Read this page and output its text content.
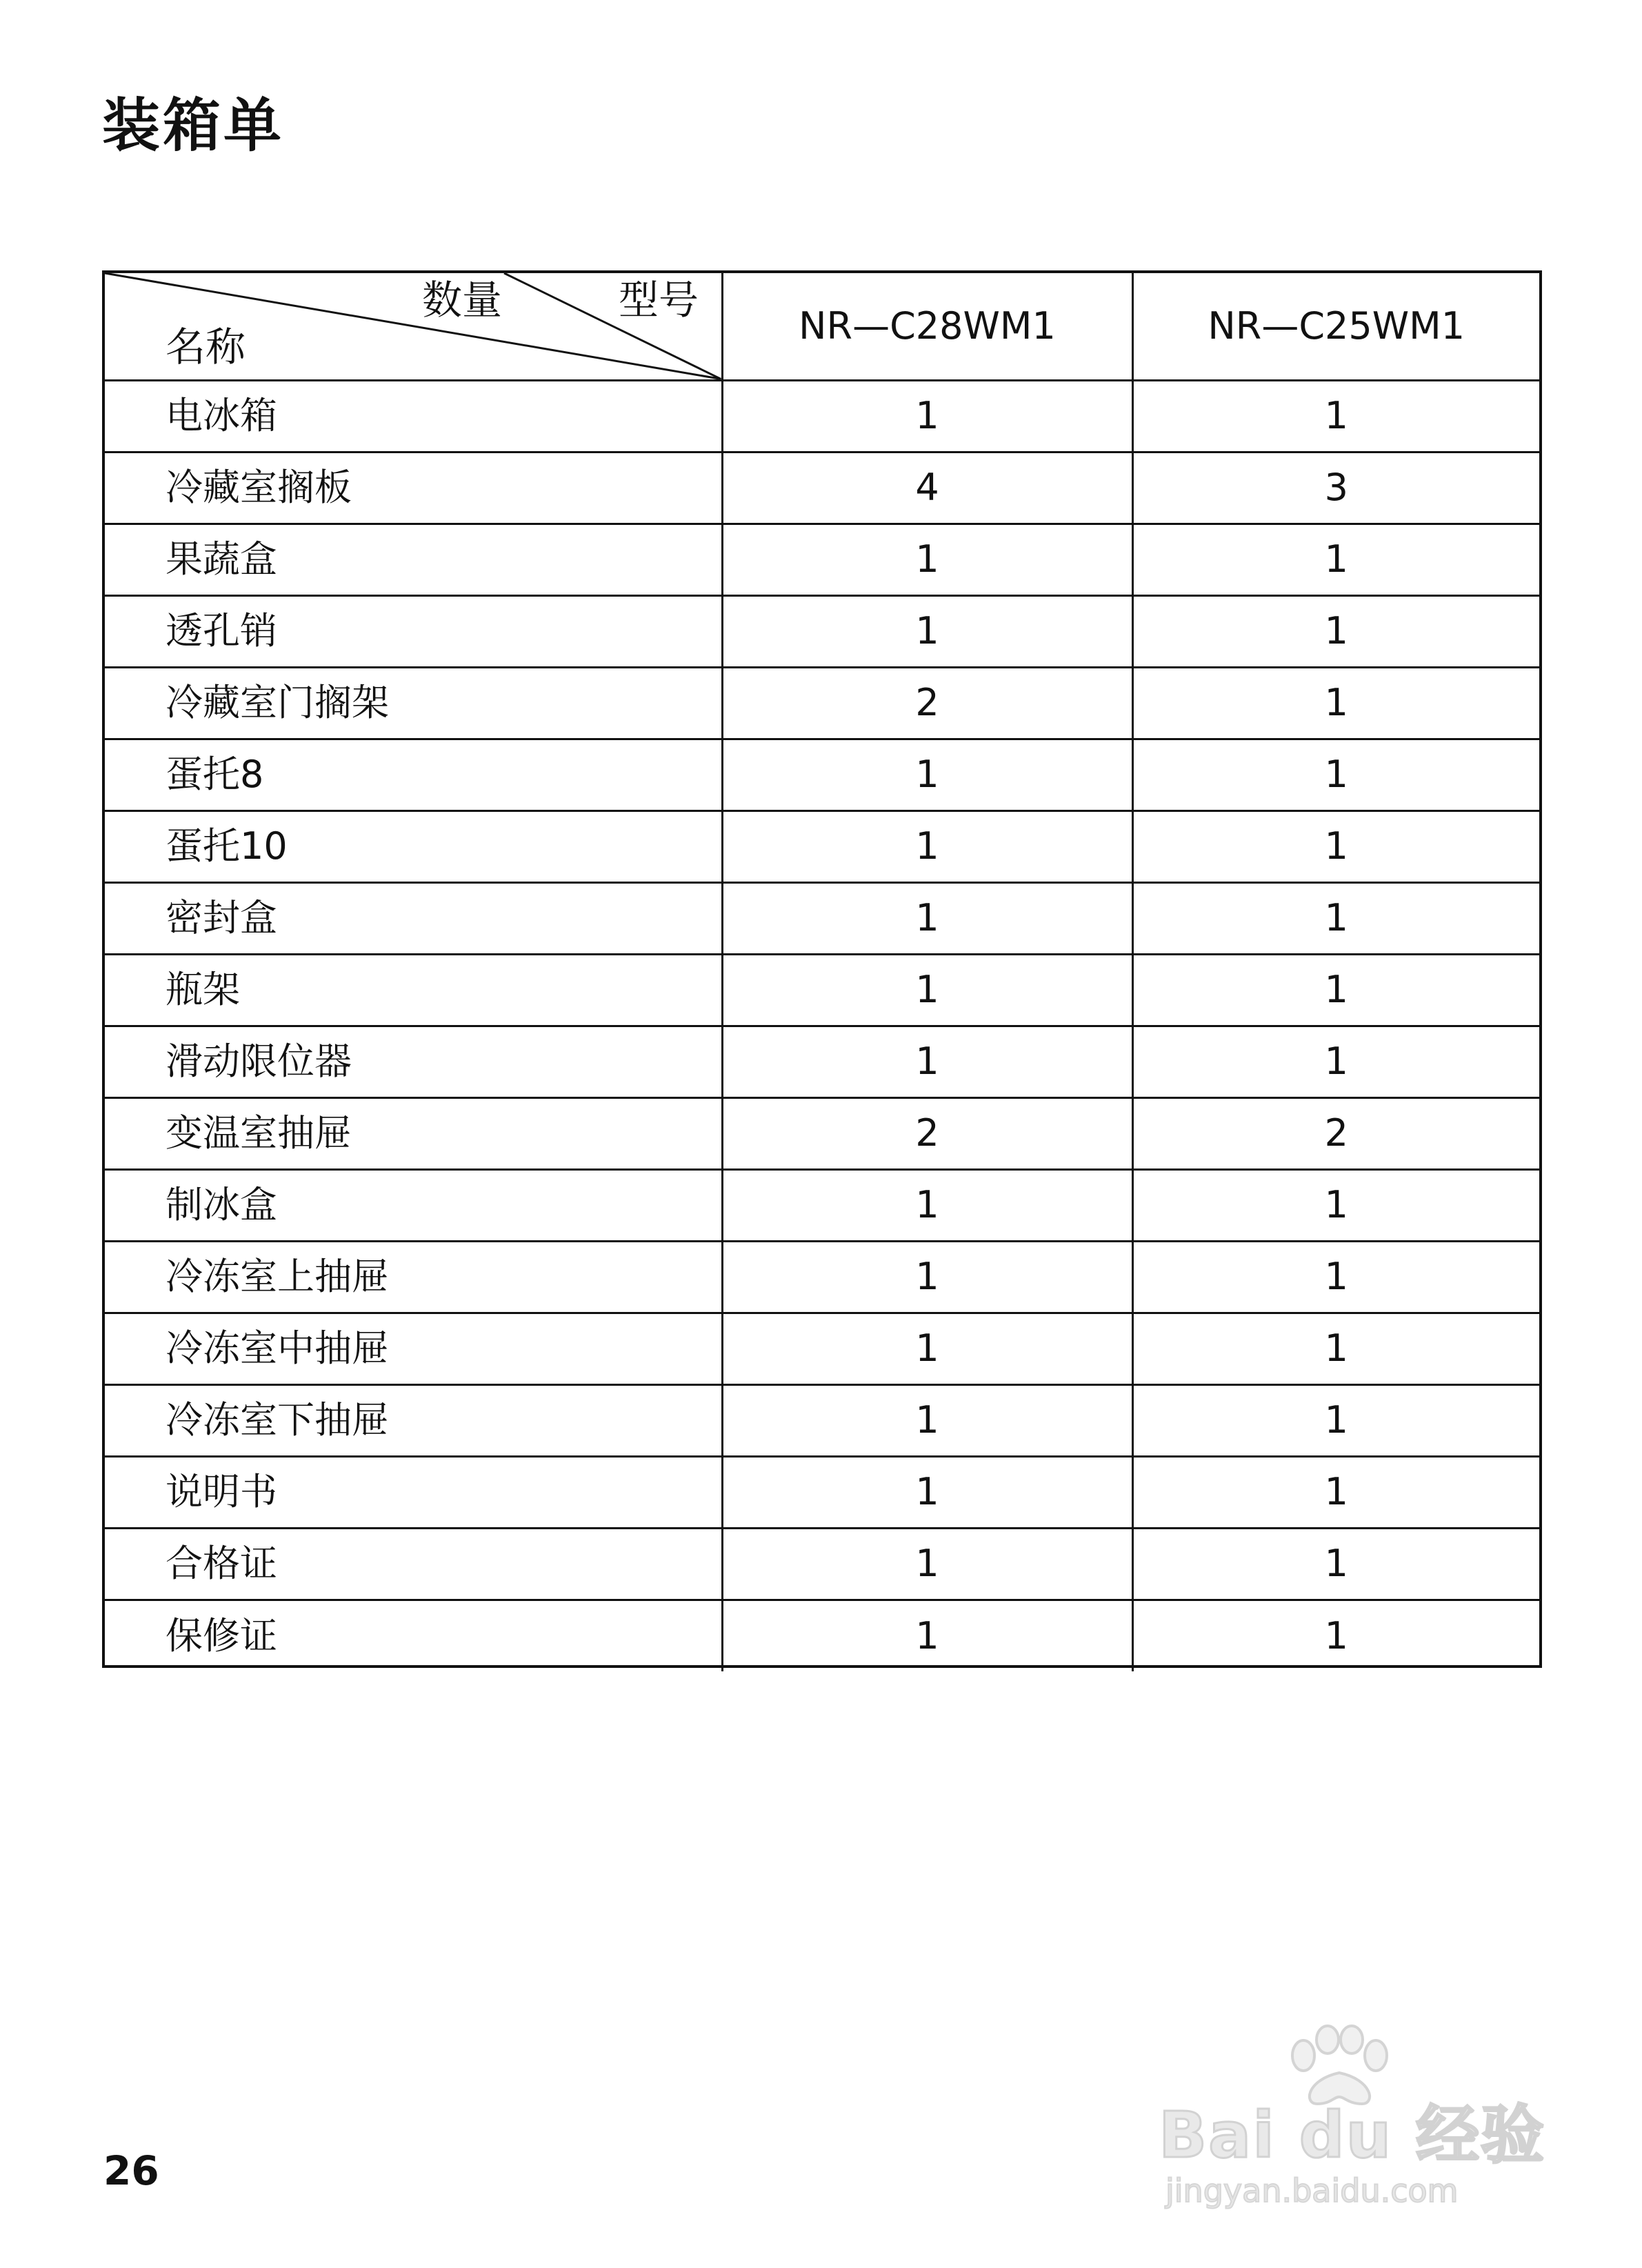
装箱单
数量 型号
名称	NR—C28WM1	NR—C25WM1
电冰箱	1	1
冷藏室搁板	4	3
果蔬盒	1	1
透孔销	1	1
冷藏室门搁架	2	1
蛋托8	1	1
蛋托10	1	1
密封盒	1	1
瓶架	1	1
滑动限位器	1	1
变温室抽屉	2	2
制冰盒	1	1
冷冻室上抽屉	1	1
冷冻室中抽屉	1	1
冷冻室下抽屉	1	1
说明书	1	1
合格证	1	1
保修证	1	1
26	Bai du 经验
jingyan.baidu.com
